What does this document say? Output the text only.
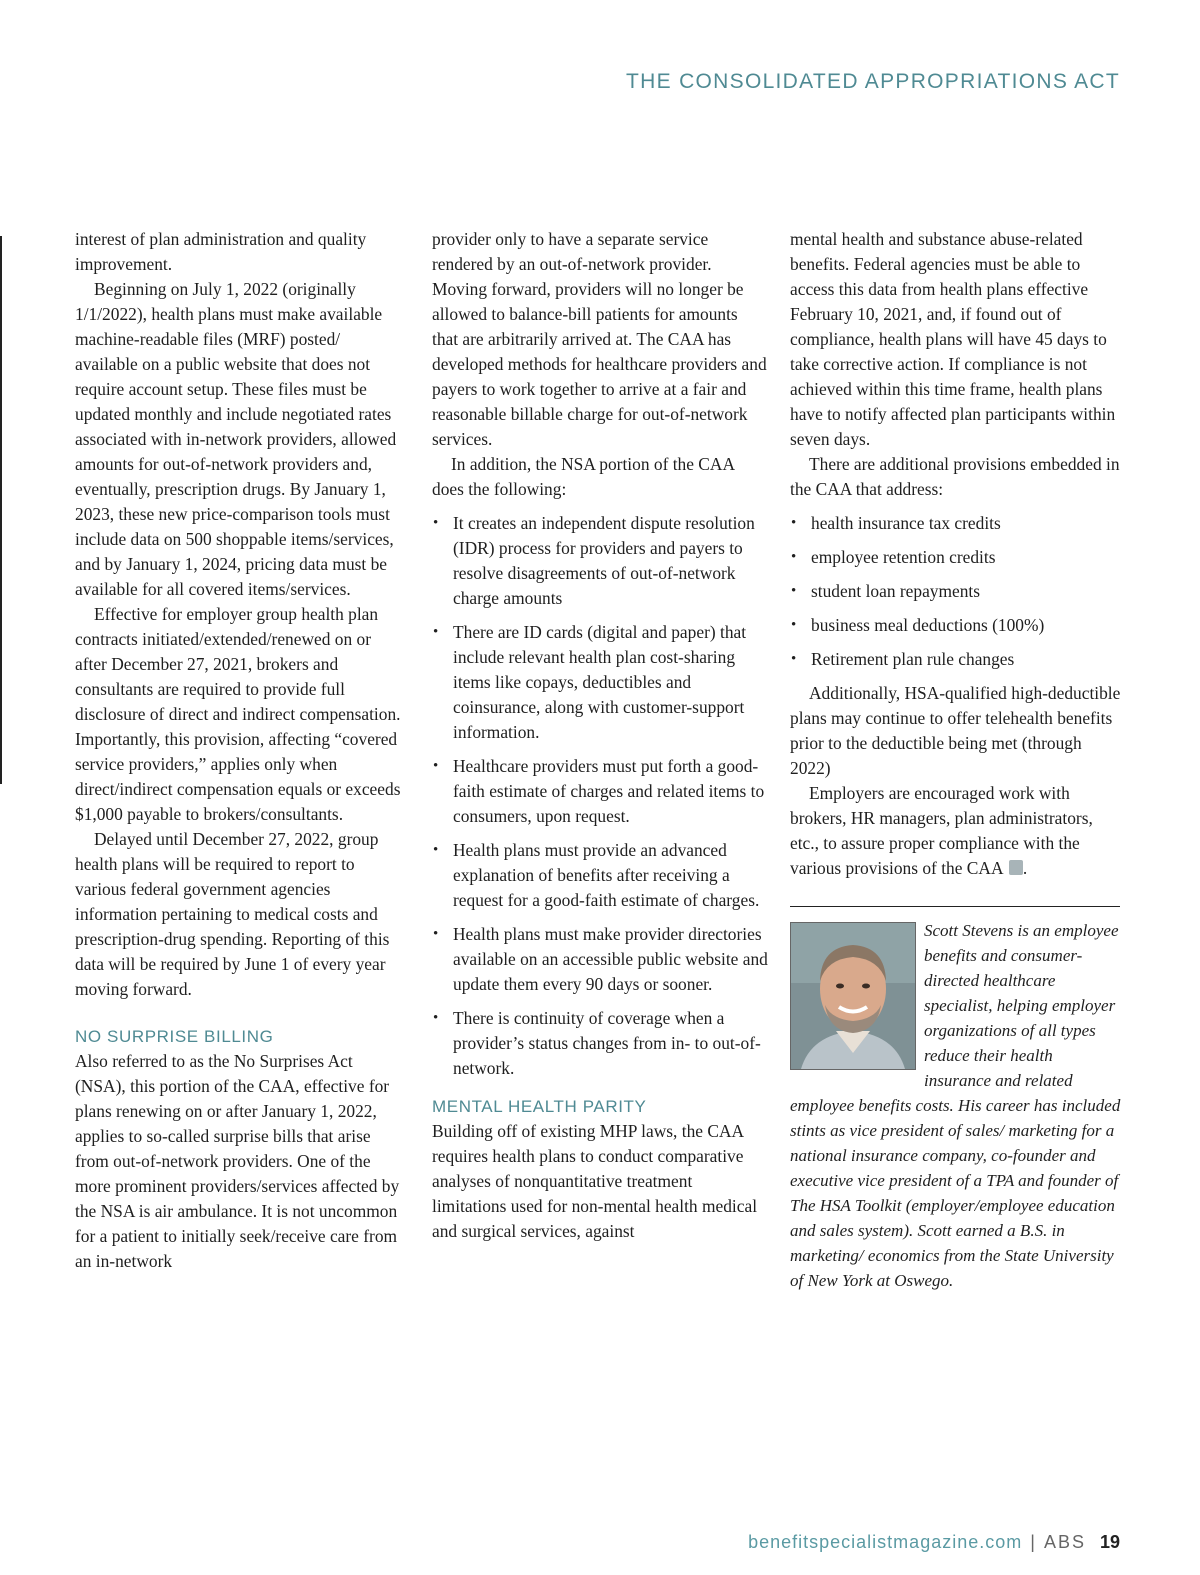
THE CONSOLIDATED APPROPRIATIONS ACT

interest of plan administration and quality improvement.

Beginning on July 1, 2022 (originally 1/1/2022), health plans must make available machine-readable files (MRF) posted/ available on a public website that does not require account setup. These files must be updated monthly and include negotiated rates associated with in-network providers, allowed amounts for out-of-network providers and, eventually, prescription drugs. By January 1, 2023, these new price-comparison tools must include data on 500 shoppable items/services, and by January 1, 2024, pricing data must be available for all covered items/services.

Effective for employer group health plan contracts initiated/extended/renewed on or after December 27, 2021, brokers and consultants are required to provide full disclosure of direct and indirect compensation. Importantly, this provision, affecting “covered service providers,” applies only when direct/indirect compensation equals or exceeds $1,000 payable to brokers/consultants.

Delayed until December 27, 2022, group health plans will be required to report to various federal government agencies information pertaining to medical costs and prescription-drug spending. Reporting of this data will be required by June 1 of every year moving forward.

NO SURPRISE BILLING

Also referred to as the No Surprises Act (NSA), this portion of the CAA, effective for plans renewing on or after January 1, 2022, applies to so-called surprise bills that arise from out-of-network providers. One of the more prominent providers/services affected by the NSA is air ambulance. It is not uncommon for a patient to initially seek/receive care from an in-network

provider only to have a separate service rendered by an out-of-network provider. Moving forward, providers will no longer be allowed to balance-bill patients for amounts that are arbitrarily arrived at. The CAA has developed methods for healthcare providers and payers to work together to arrive at a fair and reasonable billable charge for out-of-network services.

In addition, the NSA portion of the CAA does the following:

• It creates an independent dispute resolution (IDR) process for providers and payers to resolve disagreements of out-of-network charge amounts
• There are ID cards (digital and paper) that include relevant health plan cost-sharing items like copays, deductibles and coinsurance, along with customer-support information.
• Healthcare providers must put forth a good-faith estimate of charges and related items to consumers, upon request.
• Health plans must provide an advanced explanation of benefits after receiving a request for a good-faith estimate of charges.
• Health plans must make provider directories available on an accessible public website and update them every 90 days or sooner.
• There is continuity of coverage when a provider’s status changes from in- to out-of-network.
MENTAL HEALTH PARITY

Building off of existing MHP laws, the CAA requires health plans to conduct comparative analyses of nonquantitative treatment limitations used for non-mental health medical and surgical services, against

mental health and substance abuse-related benefits. Federal agencies must be able to access this data from health plans effective February 10, 2021, and, if found out of compliance, health plans will have 45 days to take corrective action. If compliance is not achieved within this time frame, health plans have to notify affected plan participants within seven days.

There are additional provisions embedded in the CAA that address:

• health insurance tax credits
• employee retention credits
• student loan repayments
• business meal deductions (100%)
• Retirement plan rule changes

Additionally, HSA-qualified high-deductible plans may continue to offer telehealth benefits prior to the deductible being met (through 2022)

Employers are encouraged work with brokers, HR managers, plan administrators, etc., to assure proper compliance with the various provisions of the CAA .

Scott Stevens is an employee benefits and consumer-directed healthcare specialist, helping employer organizations of all types reduce their health insurance and related employee benefits costs. His career has included stints as vice president of sales/ marketing for a national insurance company, co-founder and executive vice president of a TPA and founder of The HSA Toolkit (employer/employee education and sales system). Scott earned a B.S. in marketing/ economics from the State University of New York at Oswego.
benefitspecialistmagazine.com | ABS 19
